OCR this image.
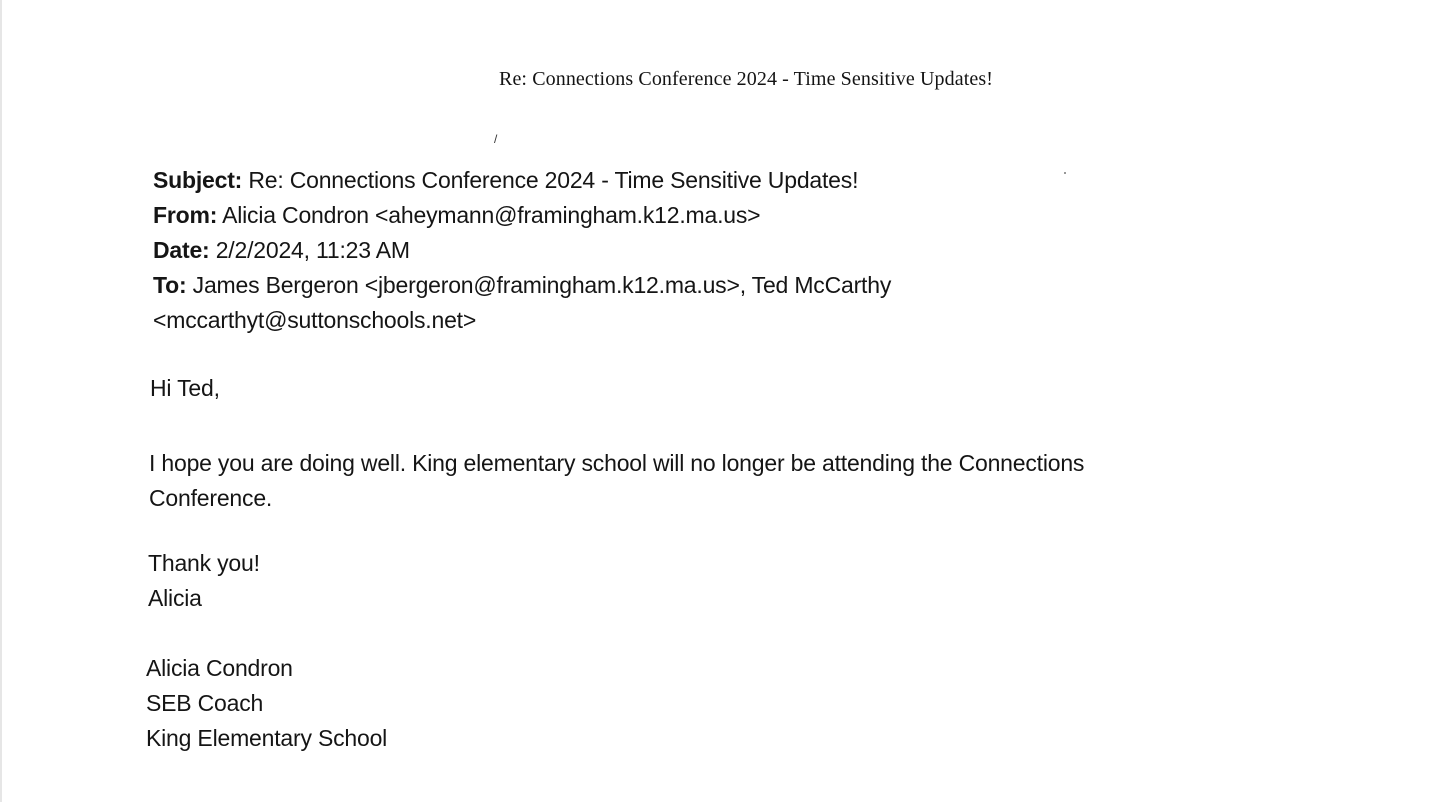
Re: Connections Conference 2024 - Time Sensitive Updates!
/
Subject: Re: Connections Conference 2024 - Time Sensitive Updates!
From: Alicia Condron <aheymann@framingham.k12.ma.us>
Date: 2/2/2024, 11:23 AM
To: James Bergeron <jbergeron@framingham.k12.ma.us>, Ted McCarthy
<mccarthyt@suttonschools.net>
Hi Ted,
I hope you are doing well. King elementary school will no longer be attending the Connections
Conference.
Thank you!
Alicia
Alicia Condron
SEB Coach
King Elementary School
